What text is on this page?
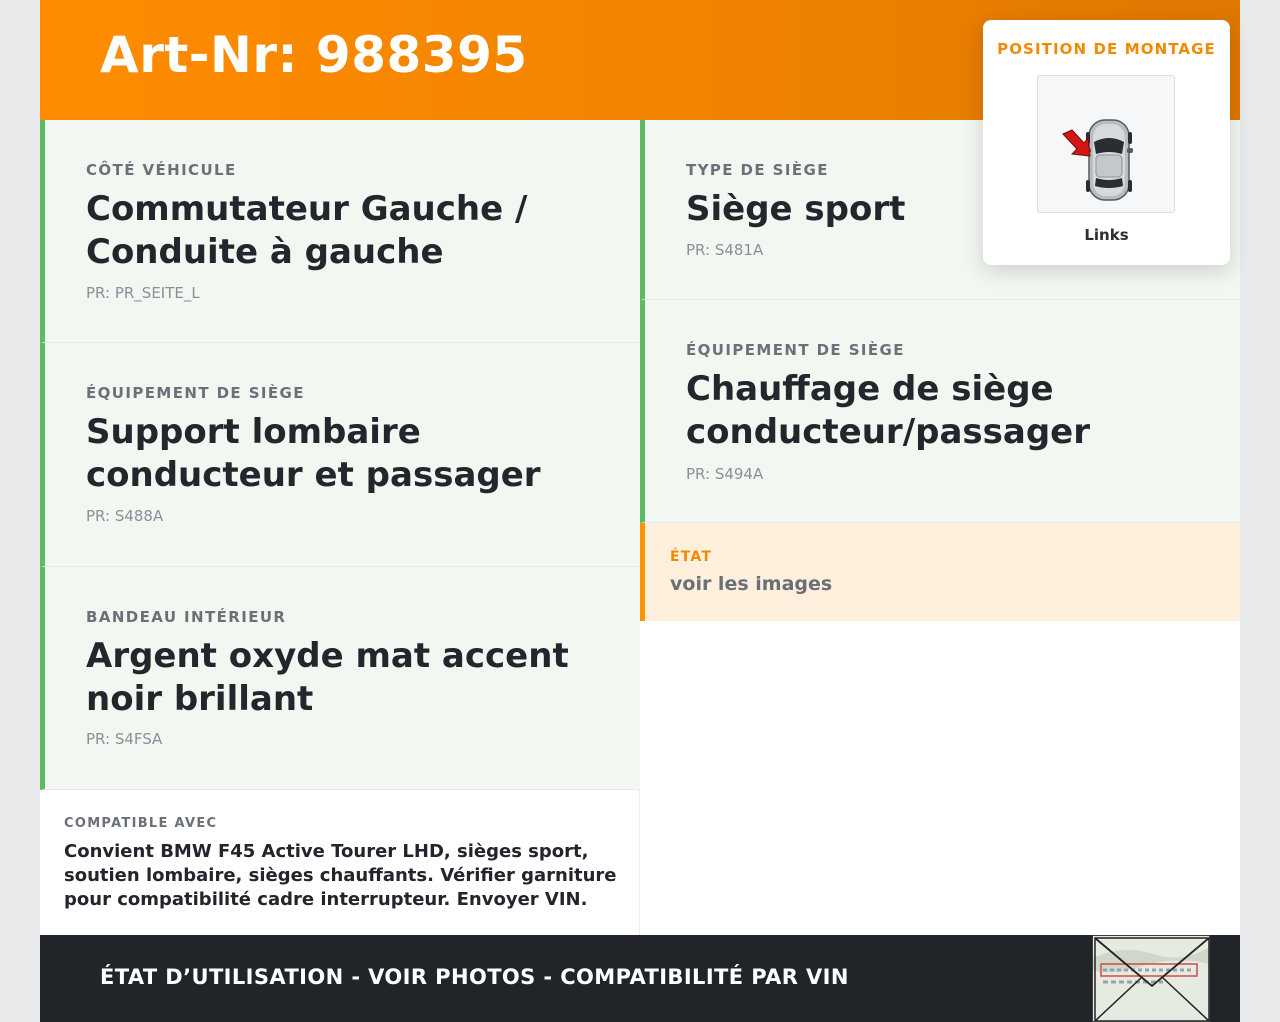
Art-Nr: 988395
CÔTÉ VÉHICULE
Commutateur Gauche / Conduite à gauche
PR: PR_SEITE_L
ÉQUIPEMENT DE SIÈGE
Support lombaire conducteur et passager
PR: S488A
BANDEAU INTÉRIEUR
Argent oxyde mat accent noir brillant
PR: S4FSA
TYPE DE SIÈGE
Siège sport
PR: S481A
ÉQUIPEMENT DE SIÈGE
Chauffage de siège conducteur/passager
PR: S494A
ÉTAT
voir les images
COMPATIBLE AVEC
Convient BMW F45 Active Tourer LHD, sièges sport, soutien lombaire, sièges chauffants. Vérifier garniture pour compatibilité cadre interrupteur. Envoyer VIN.
ÉTAT D’UTILISATION - VOIR PHOTOS - COMPATIBILITÉ PAR VIN
POSITION DE MONTAGE
Links
